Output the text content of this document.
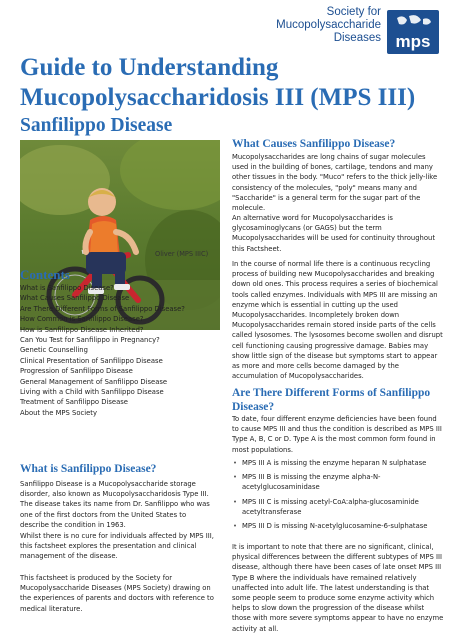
Society for
Mucopolysaccharide
Diseases mps
Guide to Understanding
Mucopolysaccharidosis III (MPS III)
Sanfilippo Disease
Oliver (MPS IIIC)
Contents
What is Sanfilippo Disease?
What Causes Sanfilippo Disease
Are There Different Forms of Sanfilippo Disease?
How Common is Sanfilippo Disease?
How is Sanfilippo Disease Inherited?
Can You Test for Sanfilippo in Pregnancy?
Genetic Counselling
Clinical Presentation of Sanfilippo Disease
Progression of Sanfilippo Disease
General Management of Sanfilippo Disease
Living with a Child with Sanfilippo Disease
Treatment of Sanfilippo Disease
About the MPS Society
What is Sanfilippo Disease?

Sanfilippo Disease is a Mucopolysaccharide storage disorder, also known as Mucopolysaccharidosis Type III. The disease takes its name from Dr. Sanfilippo who was one of the first doctors from the United States to describe the condition in 1963.

Whilst there is no cure for individuals affected by MPS III, this factsheet explores the presentation and clinical management of the disease.

This factsheet is produced by the Society for Mucopolysaccharide Diseases (MPS Society) drawing on the experiences of parents and doctors with reference to medical literature.

What Causes Sanfilippo Disease?

Mucopolysaccharides are long chains of sugar molecules used in the building of bones, cartilage, tendons and many other tissues in the body. "Muco" refers to the thick jelly-like consistency of the molecules, "poly" means many and "Saccharide" is a general term for the sugar part of the molecule.

An alternative word for Mucopolysaccharides is glycosaminoglycans (or GAGS) but the term Mucopolysaccharides will be used for continuity throughout this Factsheet.

In the course of normal life there is a continuous recycling process of building new Mucopolysaccharides and breaking down old ones. This process requires a series of biochemical tools called enzymes. Individuals with MPS III are missing an enzyme which is essential in cutting up the used Mucopolysaccharides. Incompletely broken down Mucopolysaccharides remain stored inside parts of the cells called lysosomes. The lysosomes become swollen and disrupt cell functioning causing progressive damage. Babies may show little sign of the disease but symptoms start to appear as more and more cells become damaged by the accumulation of Mucopolysaccharides.

Are There Different Forms of Sanfilippo Disease?

To date, four different enzyme deficiencies have been found to cause MPS III and thus the condition is described as MPS III Type A, B, C or D. Type A is the most common form found in most populations.

• MPS III A is missing the enzyme heparan N sulphatase
• MPS III B is missing the enzyme alpha-N-acetylglucosaminidase
• MPS III C is missing acetyl-CoA:alpha-glucosaminide acetyltransferase
• MPS III D is missing N-acetylglucosamine-6-sulphatase

It is important to note that there are no significant, clinical, physical differences between the different subtypes of MPS III disease, although there have been cases of late onset MPS III Type B where the individuals have remained relatively unaffected into adult life. The latest understanding is that some people seem to produce some enzyme activity which helps to slow down the progression of the disease whilst those with more severe symptoms appear to have no enzyme activity at all.
